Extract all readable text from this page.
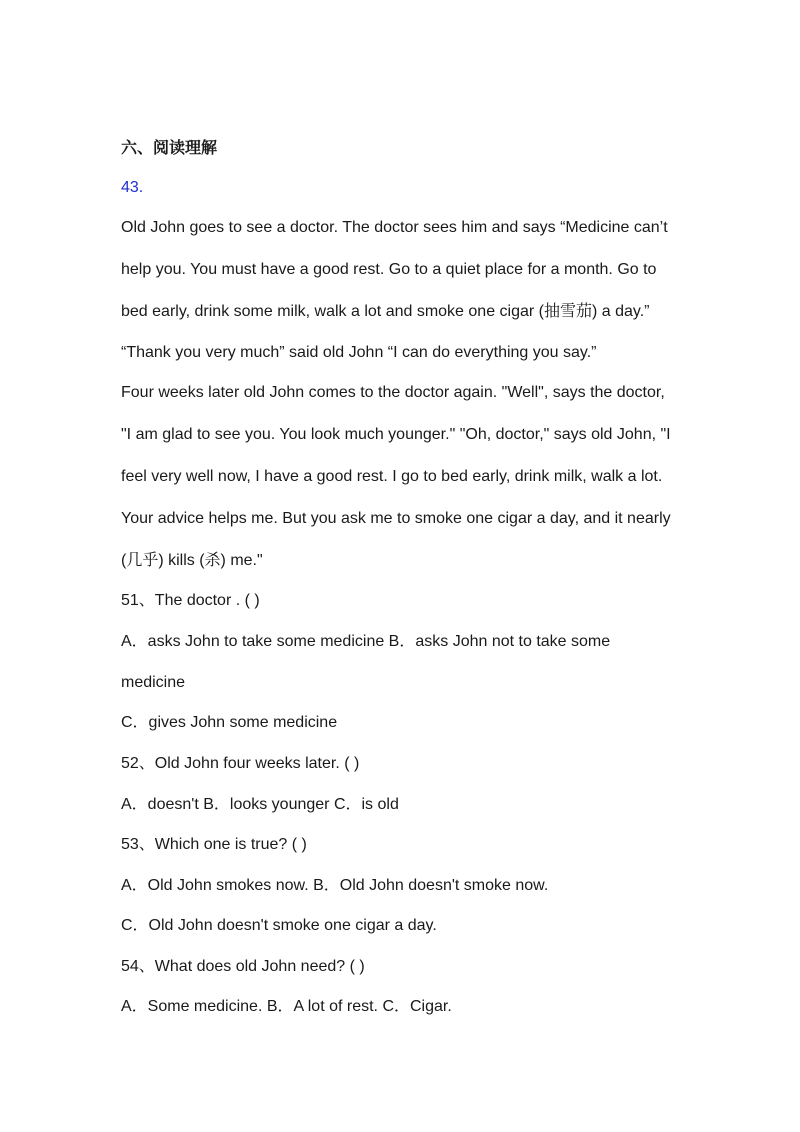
六、阅读理解
43.
Old John goes to see a doctor. The doctor sees him and says “Medicine can’t
help you. You must have a good rest. Go to a quiet place for a month. Go to
bed early, drink some milk, walk a lot and smoke one cigar (抽雪茄) a day.”
“Thank you very much” said old John “I can do everything you say.”
Four weeks later old John comes to the doctor again. "Well", says the doctor,
"I am glad to see you. You look much younger." "Oh, doctor," says old John, "I
feel very well now, I have a good rest. I go to bed early, drink milk, walk a lot.
Your advice helps me. But you ask me to smoke one cigar a day, and it nearly
(几乎) kills (杀) me."
51、The doctor . ( )
A．asks John to take some medicine B．asks John not to take some
medicine
C．gives John some medicine
52、Old John four weeks later. ( )
A．doesn't B．looks younger C．is old
53、Which one is true? ( )
A．Old John smokes now. B．Old John doesn't smoke now.
C．Old John doesn't smoke one cigar a day.
54、What does old John need? ( )
A．Some medicine. B．A lot of rest. C．Cigar.
